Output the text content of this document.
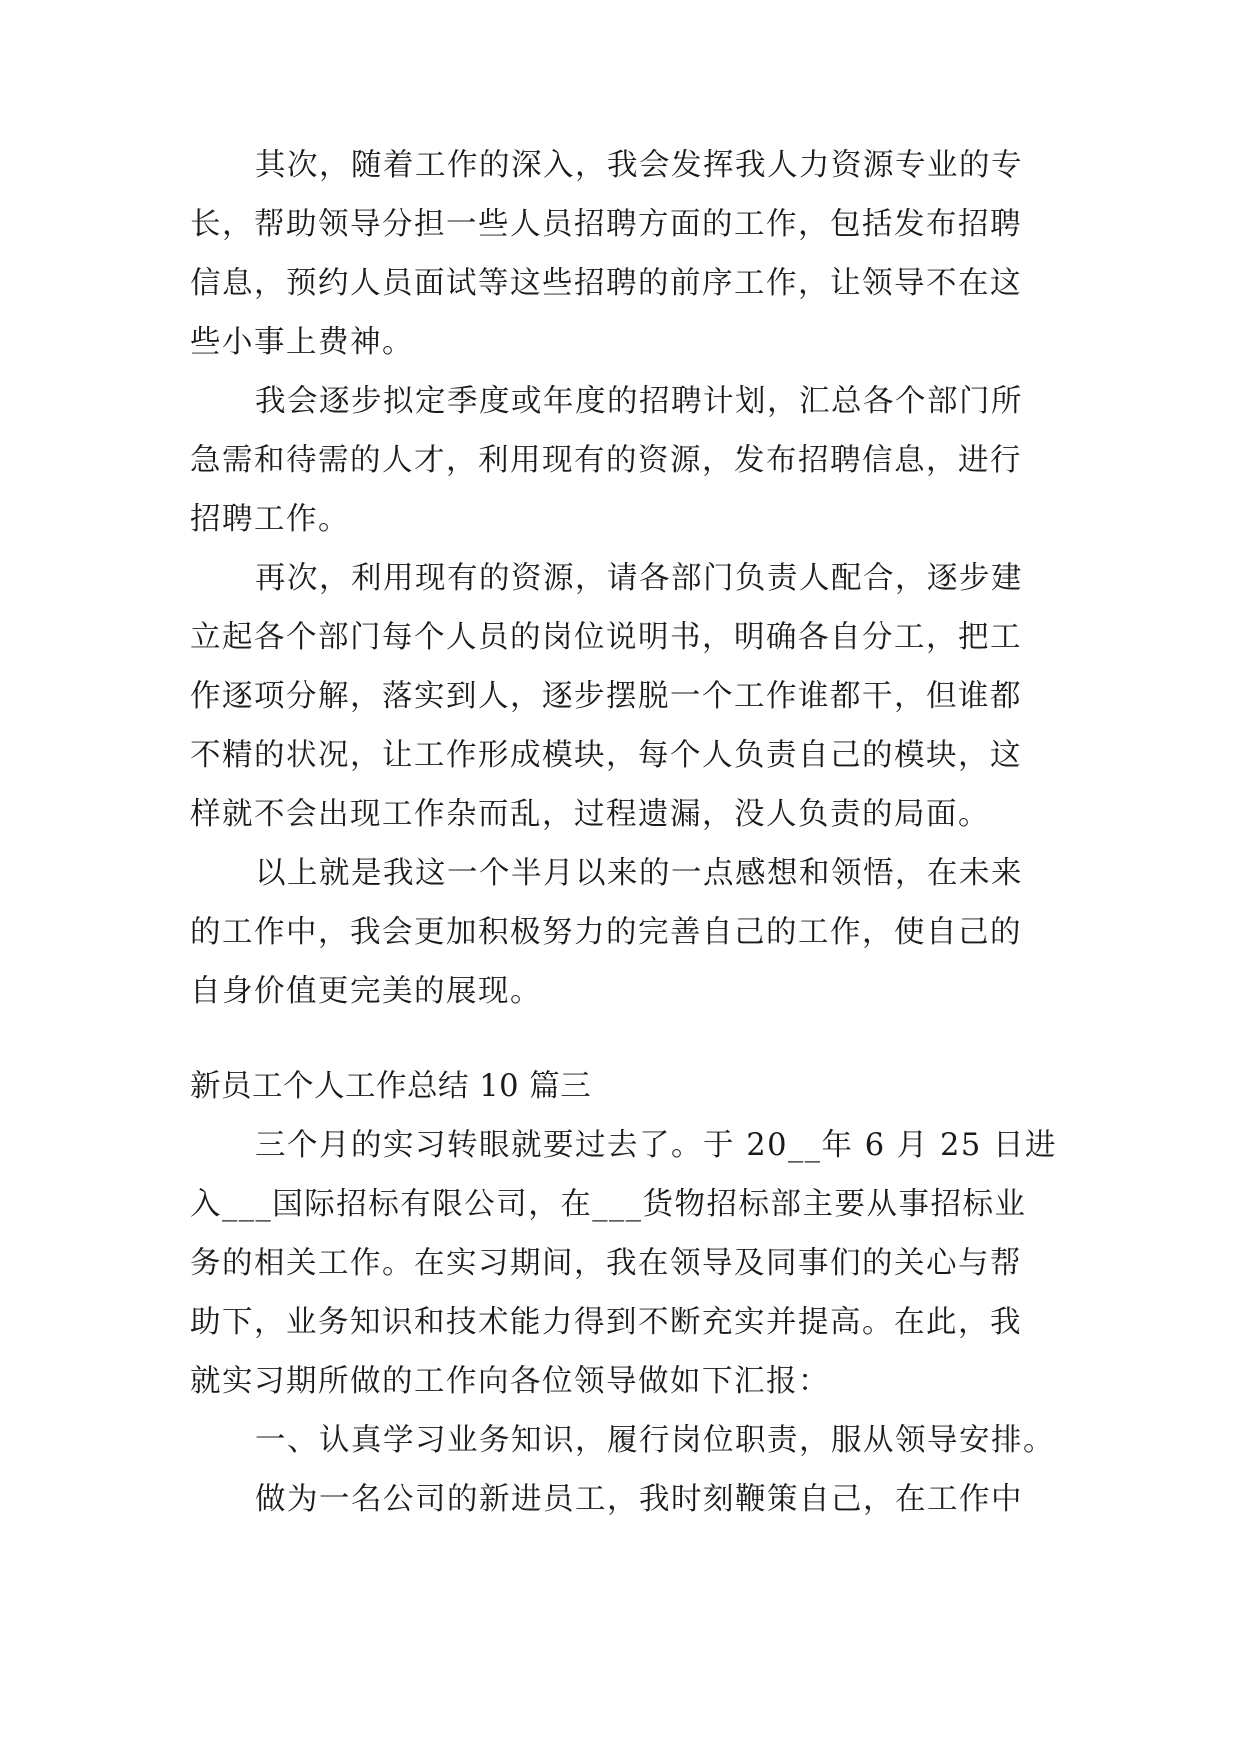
其次，随着工作的深入，我会发挥我人力资源专业的专
长，帮助领导分担一些人员招聘方面的工作，包括发布招聘
信息，预约人员面试等这些招聘的前序工作，让领导不在这
些小事上费神。
我会逐步拟定季度或年度的招聘计划，汇总各个部门所
急需和待需的人才，利用现有的资源，发布招聘信息，进行
招聘工作。
再次，利用现有的资源，请各部门负责人配合，逐步建
立起各个部门每个人员的岗位说明书，明确各自分工，把工
作逐项分解，落实到人，逐步摆脱一个工作谁都干，但谁都
不精的状况，让工作形成模块，每个人负责自己的模块，这
样就不会出现工作杂而乱，过程遗漏，没人负责的局面。
以上就是我这一个半月以来的一点感想和领悟，在未来
的工作中，我会更加积极努力的完善自己的工作，使自己的
自身价值更完美的展现。
新员工个人工作总结 10 篇三
三个月的实习转眼就要过去了。于 20__年 6 月 25 日进
入___国际招标有限公司，在___货物招标部主要从事招标业
务的相关工作。在实习期间，我在领导及同事们的关心与帮
助下，业务知识和技术能力得到不断充实并提高。在此，我
就实习期所做的工作向各位领导做如下汇报：
一、认真学习业务知识，履行岗位职责，服从领导安排。
做为一名公司的新进员工，我时刻鞭策自己，在工作中
